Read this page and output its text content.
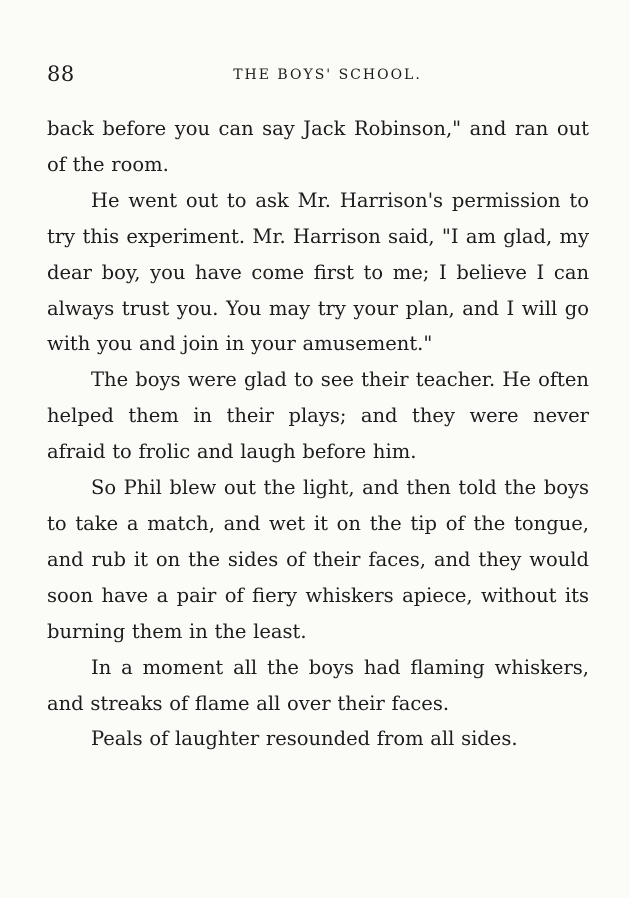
88	THE BOYS' SCHOOL.

back before you can say Jack Robinson," and ran out of the room.

He went out to ask Mr. Harrison's permission to try this experiment. Mr. Harrison said, "I am glad, my dear boy, you have come first to me; I believe I can always trust you. You may try your plan, and I will go with you and join in your amusement."

The boys were glad to see their teacher. He often helped them in their plays; and they were never afraid to frolic and laugh before him.

So Phil blew out the light, and then told the boys to take a match, and wet it on the tip of the tongue, and rub it on the sides of their faces, and they would soon have a pair of fiery whiskers apiece, without its burning them in the least.

In a moment all the boys had flaming whiskers, and streaks of flame all over their faces.

Peals of laughter resounded from all sides.
